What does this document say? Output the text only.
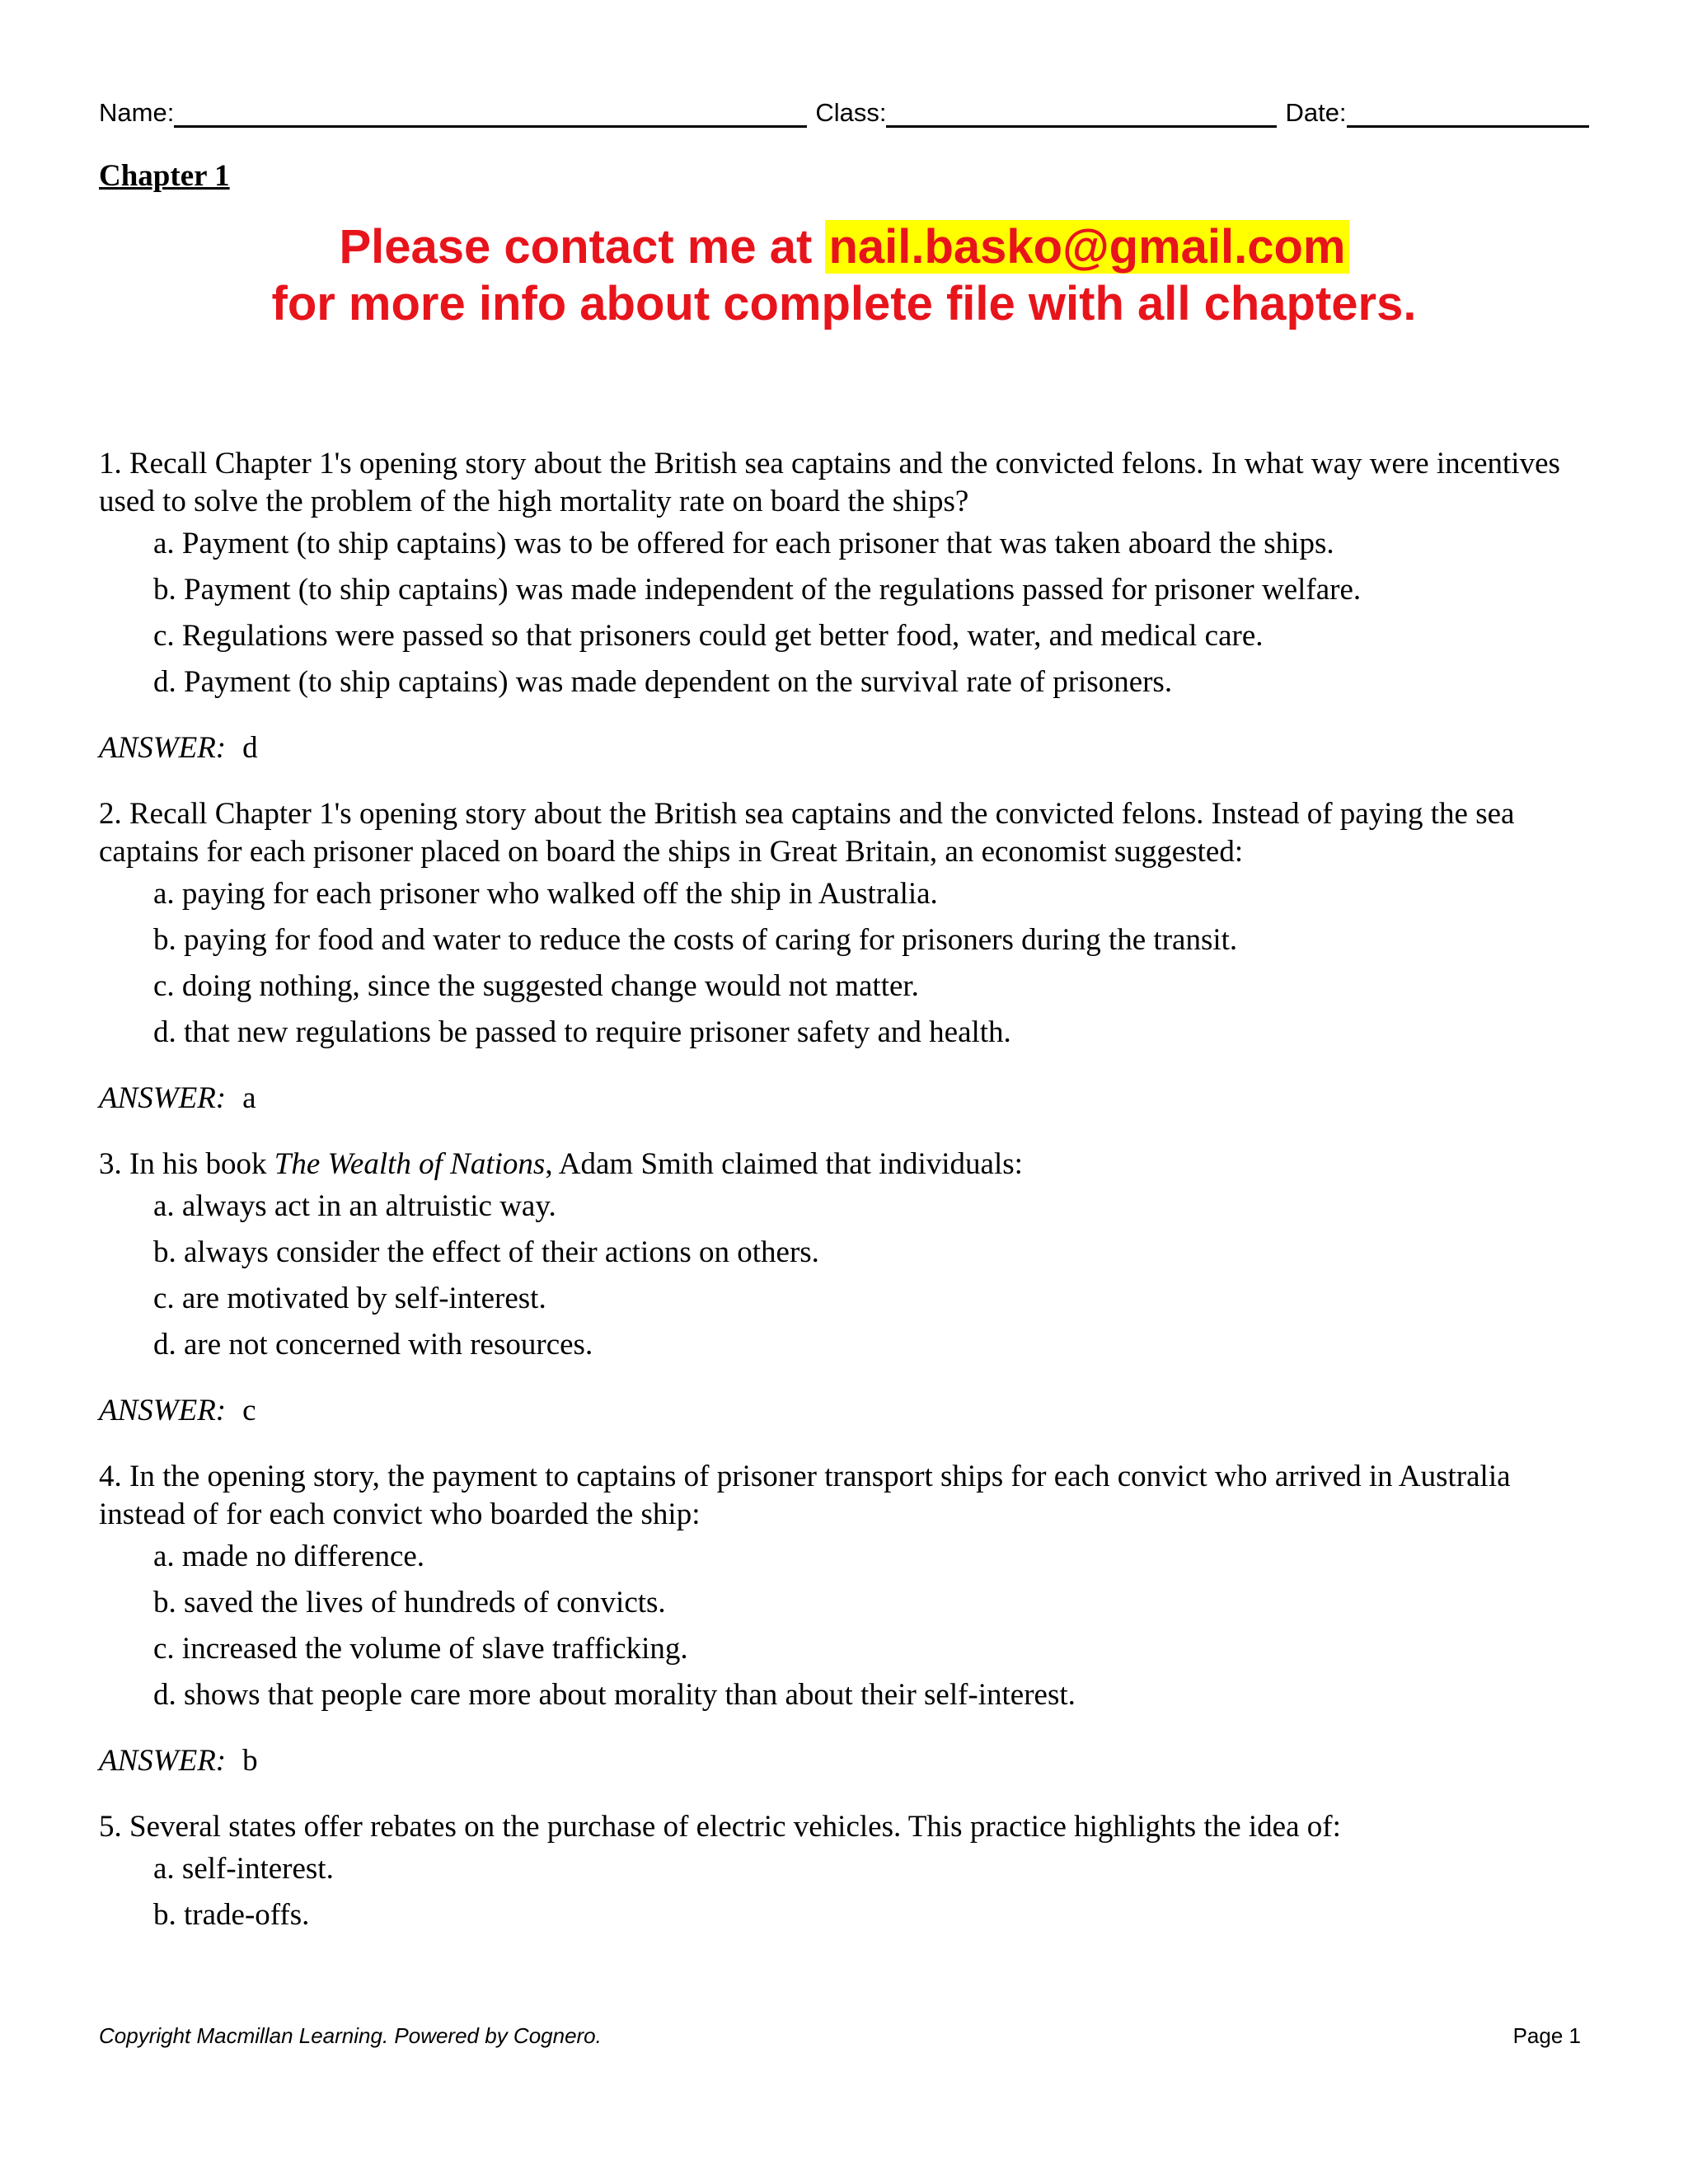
Name:	Class:	Date:
Chapter 1
Please contact me at nail.basko@gmail.com
for more info about complete file with all chapters.
1. Recall Chapter 1's opening story about the British sea captains and the convicted felons. In what way were incentives used to solve the problem of the high mortality rate on board the ships?
a. Payment (to ship captains) was to be offered for each prisoner that was taken aboard the ships.
b. Payment (to ship captains) was made independent of the regulations passed for prisoner welfare.
c. Regulations were passed so that prisoners could get better food, water, and medical care.
d. Payment (to ship captains) was made dependent on the survival rate of prisoners.
ANSWER: d
2. Recall Chapter 1's opening story about the British sea captains and the convicted felons. Instead of paying the sea captains for each prisoner placed on board the ships in Great Britain, an economist suggested:
a. paying for each prisoner who walked off the ship in Australia.
b. paying for food and water to reduce the costs of caring for prisoners during the transit.
c. doing nothing, since the suggested change would not matter.
d. that new regulations be passed to require prisoner safety and health.
ANSWER: a
3. In his book The Wealth of Nations, Adam Smith claimed that individuals:
a. always act in an altruistic way.
b. always consider the effect of their actions on others.
c. are motivated by self-interest.
d. are not concerned with resources.
ANSWER: c
4. In the opening story, the payment to captains of prisoner transport ships for each convict who arrived in Australia instead of for each convict who boarded the ship:
a. made no difference.
b. saved the lives of hundreds of convicts.
c. increased the volume of slave trafficking.
d. shows that people care more about morality than about their self-interest.
ANSWER: b
5. Several states offer rebates on the purchase of electric vehicles. This practice highlights the idea of:
a. self-interest.
b. trade-offs.
Copyright Macmillan Learning. Powered by Cognero.	Page 1
